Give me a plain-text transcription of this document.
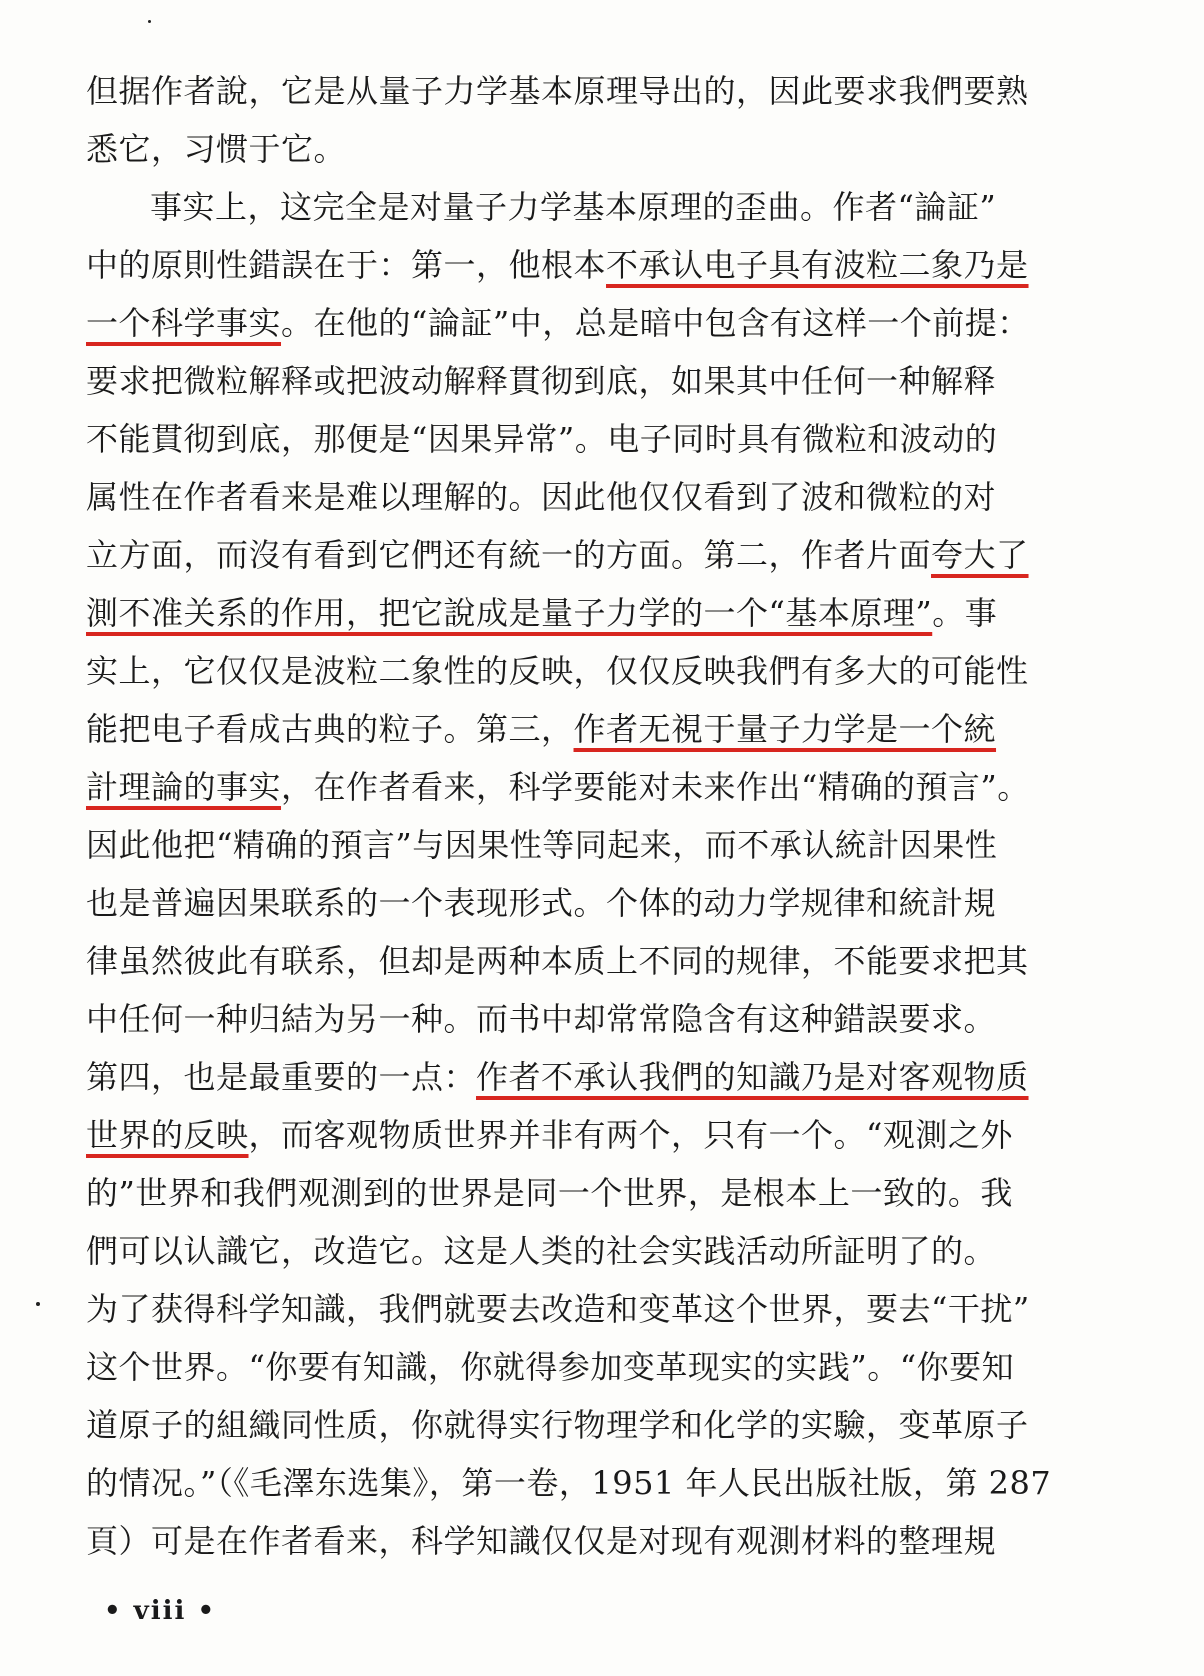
但据作者說，它是从量子力学基本原理导出的，因此要求我們要熟
悉它，习惯于它。
事实上，这完全是对量子力学基本原理的歪曲。作者“論証”
中的原則性錯誤在于：第一，他根本不承认电子具有波粒二象乃是
一个科学事实。在他的“論証”中，总是暗中包含有这样一个前提：
要求把微粒解释或把波动解释貫彻到底，如果其中任何一种解释
不能貫彻到底，那便是“因果异常”。电子同时具有微粒和波动的
属性在作者看来是难以理解的。因此他仅仅看到了波和微粒的对
立方面，而沒有看到它們还有統一的方面。第二，作者片面夸大了
測不准关系的作用，把它說成是量子力学的一个“基本原理”。事
实上，它仅仅是波粒二象性的反映，仅仅反映我們有多大的可能性
能把电子看成古典的粒子。第三，作者无視于量子力学是一个統
計理論的事实，在作者看来，科学要能对未来作出“精确的預言”。
因此他把“精确的預言”与因果性等同起来，而不承认統計因果性
也是普遍因果联系的一个表现形式。个体的动力学规律和統計規
律虽然彼此有联系，但却是两种本质上不同的规律，不能要求把其
中任何一种归結为另一种。而书中却常常隐含有这种錯誤要求。
第四，也是最重要的一点：作者不承认我們的知識乃是对客观物质
世界的反映，而客观物质世界并非有两个，只有一个。“观測之外
的”世界和我們观測到的世界是同一个世界，是根本上一致的。我
們可以认識它，改造它。这是人类的社会实践活动所証明了的。
为了获得科学知識，我們就要去改造和变革这个世界，要去“干扰”
这个世界。“你要有知識，你就得参加变革现实的实践”。“你要知
道原子的組織同性质，你就得实行物理学和化学的实驗，变革原子
的情况。”（《毛澤东选集》，第一卷，1951 年人民出版社版，第 287
頁）可是在作者看来，科学知識仅仅是对现有观測材料的整理規
• viii •
